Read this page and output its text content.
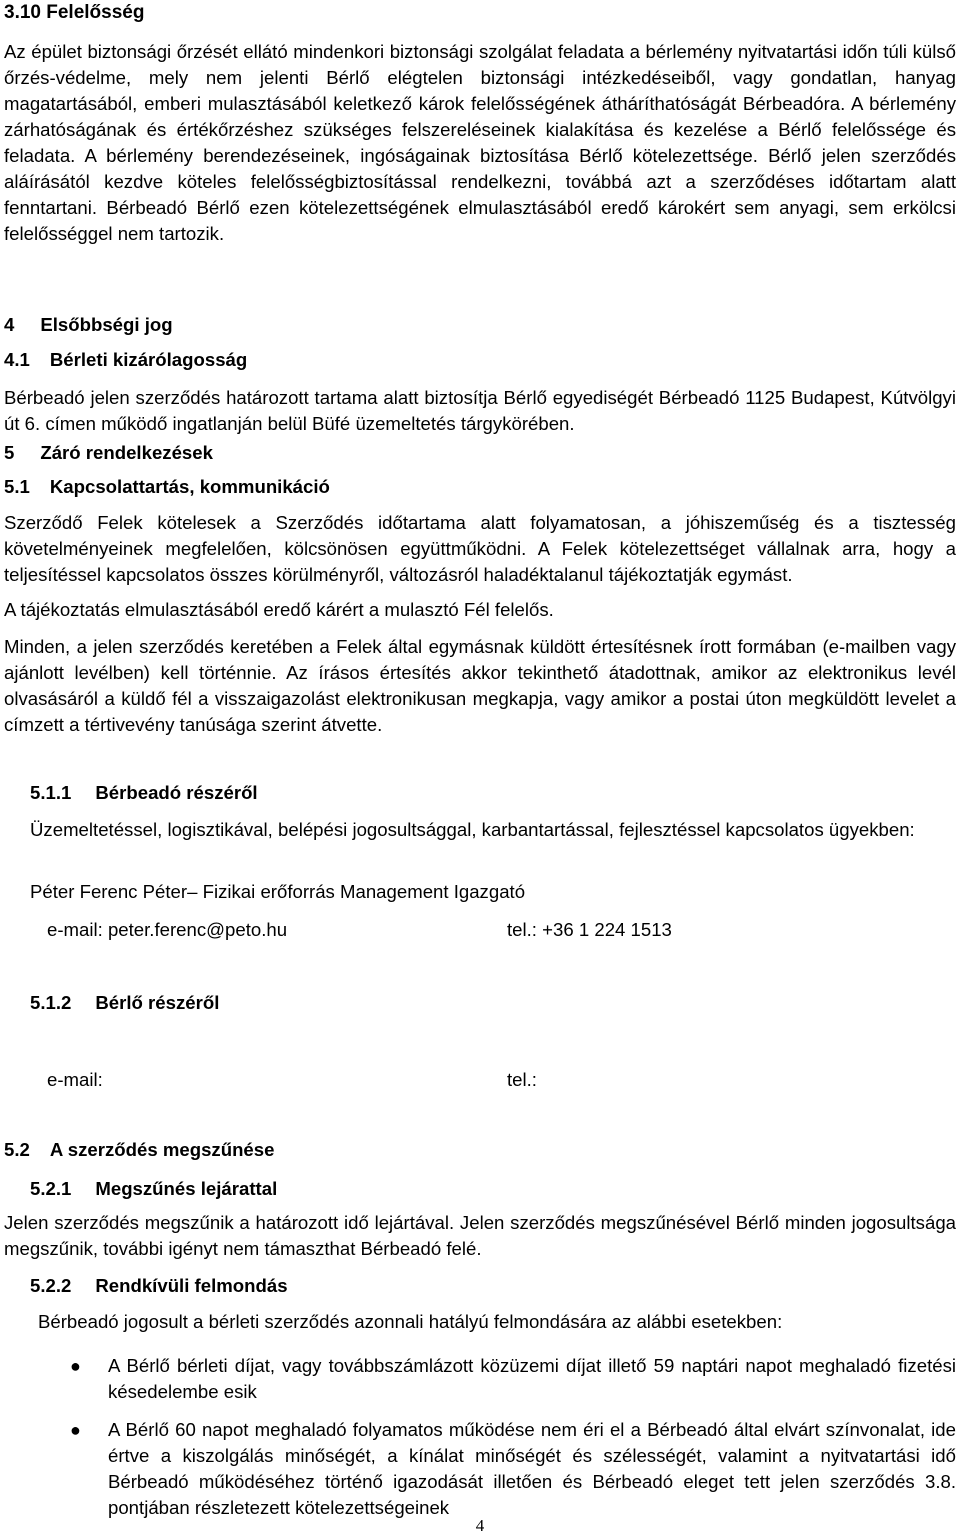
3.10 Felelősség

Az épület biztonsági őrzését ellátó mindenkori biztonsági szolgálat feladata a bérlemény nyitvatartási időn túli külső őrzés-védelme, mely nem jelenti Bérlő elégtelen biztonsági intézkedéseiből, vagy gondatlan, hanyag magatartásából, emberi mulasztásából keletkező károk felelősségének átháríthatóságát Bérbeadóra. A bérlemény zárhatóságának és értékőrzéshez szükséges felszereléseinek kialakítása és kezelése a Bérlő felelőssége és feladata. A bérlemény berendezéseinek, ingóságainak biztosítása Bérlő kötelezettsége. Bérlő jelen szerződés aláírásától kezdve köteles felelősségbiztosítással rendelkezni, továbbá azt a szerződéses időtartam alatt fenntartani. Bérbeadó Bérlő ezen kötelezettségének elmulasztásából eredő károkért sem anyagi, sem erkölcsi felelősséggel nem tartozik.

4 Elsőbbségi jog
4.1 Bérleti kizárólagosság

Bérbeadó jelen szerződés határozott tartama alatt biztosítja Bérlő egyediségét Bérbeadó 1125 Budapest, Kútvölgyi út 6. címen működő ingatlanján belül Büfé üzemeltetés tárgykörében.

5 Záró rendelkezések
5.1 Kapcsolattartás, kommunikáció

Szerződő Felek kötelesek a Szerződés időtartama alatt folyamatosan, a jóhiszeműség és a tisztesség követelményeinek megfelelően, kölcsönösen együttműködni. A Felek kötelezettséget vállalnak arra, hogy a teljesítéssel kapcsolatos összes körülményről, változásról haladéktalanul tájékoztatják egymást.

A tájékoztatás elmulasztásából eredő kárért a mulasztó Fél felelős.

Minden, a jelen szerződés keretében a Felek által egymásnak küldött értesítésnek írott formában (e-mailben vagy ajánlott levélben) kell történnie. Az írásos értesítés akkor tekinthető átadottnak, amikor az elektronikus levél olvasásáról a küldő fél a visszaigazolást elektronikusan megkapja, vagy amikor a postai úton megküldött levelet a címzett a tértivevény tanúsága szerint átvette.

5.1.1 Bérbeadó részéről

Üzemeltetéssel, logisztikával, belépési jogosultsággal, karbantartással, fejlesztéssel kapcsolatos ügyekben:

Péter Ferenc Péter– Fizikai erőforrás Management Igazgató
e-mail: peter.ferenc@peto.hu	tel.: +36 1 224 1513
5.1.2 Bérlő részéről
e-mail:	tel.:
5.2 A szerződés megszűnése
5.2.1 Megszűnés lejárattal

Jelen szerződés megszűnik a határozott idő lejártával. Jelen szerződés megszűnésével Bérlő minden jogosultsága megszűnik, további igényt nem támaszthat Bérbeadó felé.

5.2.2 Rendkívüli felmondás

Bérbeadó jogosult a bérleti szerződés azonnali hatályú felmondására az alábbi esetekben:

● A Bérlő bérleti díjat, vagy továbbszámlázott közüzemi díjat illető 59 naptári napot meghaladó fizetési késedelembe esik

● A Bérlő 60 napot meghaladó folyamatos működése nem éri el a Bérbeadó által elvárt színvonalat, ide értve a kiszolgálás minőségét, a kínálat minőségét és szélességét, valamint a nyitvatartási idő Bérbeadó működéséhez történő igazodását illetően és Bérbeadó eleget tett jelen szerződés 3.8. pontjában részletezett kötelezettségeinek

4
